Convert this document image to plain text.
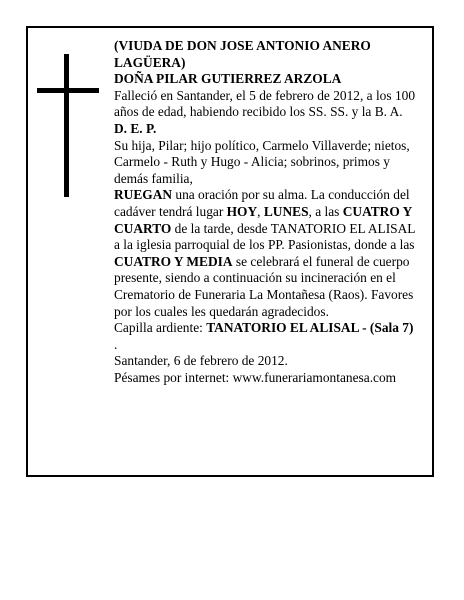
(VIUDA DE DON JOSE ANTONIO ANERO LAGÜERA)

DOÑA PILAR GUTIERREZ ARZOLA

Falleció en Santander, el 5 de febrero de 2012, a los 100 años de edad, habiendo recibido los SS. SS. y la B. A.

D. E. P.

Su hija, Pilar; hijo político, Carmelo Villaverde; nietos, Carmelo - Ruth y Hugo - Alicia; sobrinos, primos y demás familia,

RUEGAN una oración por su alma. La conducción del cadáver tendrá lugar HOY, LUNES, a las CUATRO Y CUARTO de la tarde, desde TANATORIO EL ALISAL a la iglesia parroquial de los PP. Pasionistas, donde a las CUATRO Y MEDIA se celebrará el funeral de cuerpo presente, siendo a continuación su incineración en el Crematorio de Funeraria La Montañesa (Raos). Favores por los cuales les quedarán agradecidos.

Capilla ardiente: TANATORIO EL ALISAL - (Sala 7)
.

Santander, 6 de febrero de 2012.

Pésames por internet: www.funerariamontanesa.com
